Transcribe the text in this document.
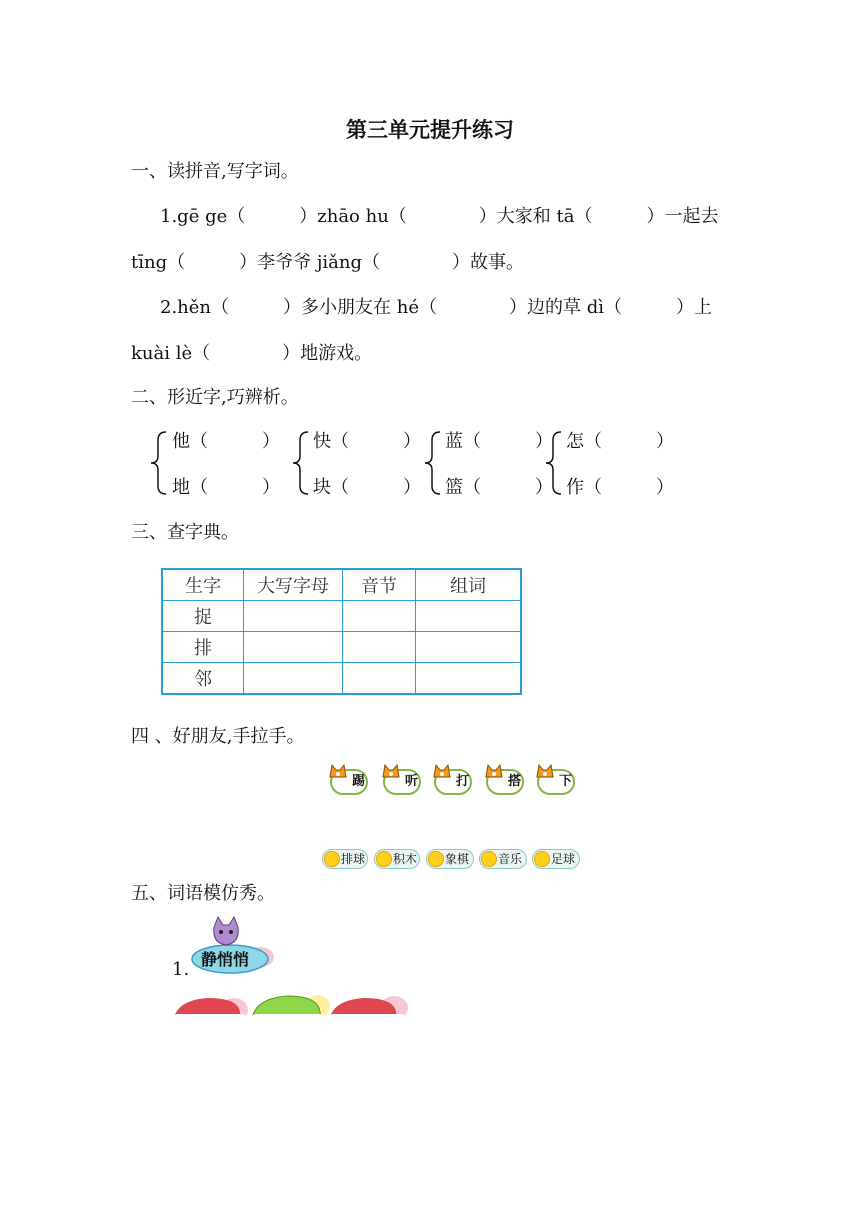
第三单元提升练习
一、读拼音,写字词。
1.gē ge（　　　）zhāo hu（　　　　）大家和 tā（　　　）一起去
tīng（　　　）李爷爷 jiǎng（　　　　）故事。
2.hěn（　　　）多小朋友在 hé（　　　　）边的草 dì（　　　）上
kuài lè（　　　　）地游戏。
二、形近字,巧辨析。
他（　　　）
地（　　　）
快（　　　）
块（　　　）
蓝（　　　）
篮（　　　）
怎（　　　）
作（　　　）
三、查字典。
生字	大写字母	音节	组词
捉			
排			
邻			
四 、好朋友,手拉手。
踢	听	打	搭	下
排球	积木	象棋	音乐	足球
五、词语模仿秀。
1. 静悄悄
